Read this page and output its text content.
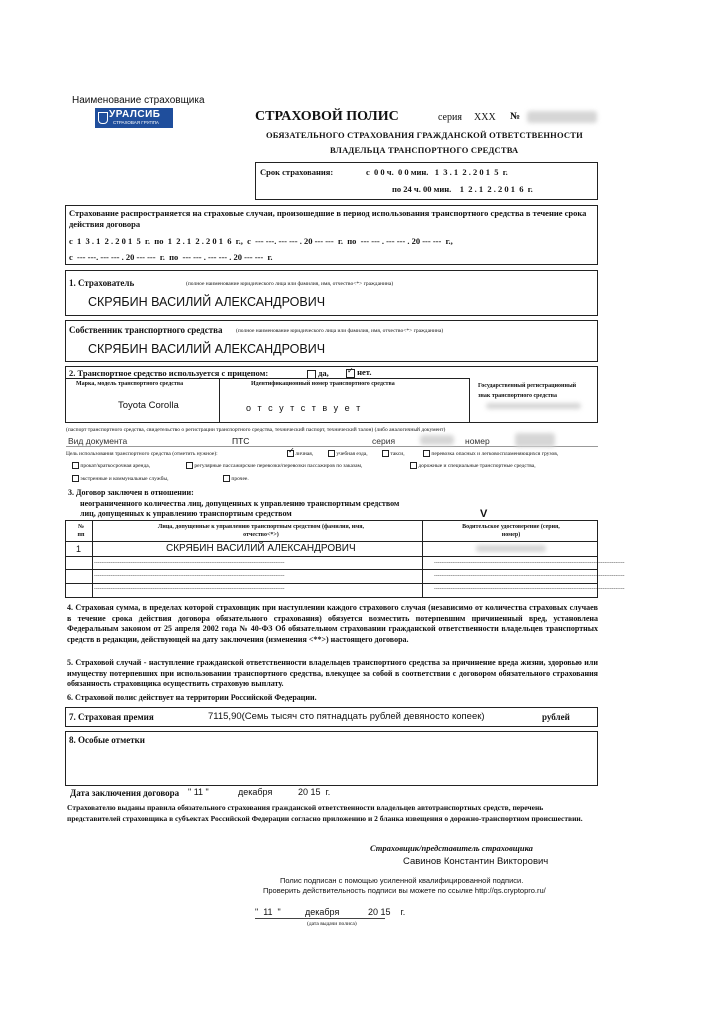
Наименование страховщика
УРАЛСИБ
СТРАХОВАЯ ГРУППА	СТРАХОВОЙ ПОЛИС	серия ХХХ №
ОБЯЗАТЕЛЬНОГО СТРАХОВАНИЯ ГРАЖДАНСКОЙ ОТВЕТСТВЕННОСТИ
ВЛАДЕЛЬЦА ТРАНСПОРТНОГО СРЕДСТВА
Срок страхования:	с  0 0 ч.  0 0 мин.   1  3 . 1  2 . 2 0 1  5  г.
по 24 ч. 00 мин.    1  2 . 1  2 . 2 0 1  6  г.
Страхование распространяется на страховые случаи, произошедшие в период использования транспортного средства в течение срока действия договора
с  1  3 . 1  2 . 2 0 1  5  г.  по  1  2 . 1  2 . 2 0 1  6  г.,  с  --- ---. --- --- . 20 --- ---  г.  по  --- --- . --- --- . 20 --- ---  г.,
с  --- ---. --- --- . 20 --- ---  г.  по  --- --- . --- --- . 20 --- ---  г.
1. Страхователь	(полное наименование юридического лица или фамилия, имя, отчество<*> гражданина)
СКРЯБИН ВАСИЛИЙ АЛЕКСАНДРОВИЧ
Собственник транспортного средства (полное наименование юридического лица или фамилия, имя, отчество<*> гражданина)
СКРЯБИН ВАСИЛИЙ АЛЕКСАНДРОВИЧ
2. Транспортное средство используется с прицепом:	да, ✓	нет.
Марка, модель транспортного средства	Идентификационный номер транспортного средства	Государственный регистрационный знак транспортного средства
Toyota Corolla	о т с у т с т в у е т
(паспорт транспортного средства, свидетельство о регистрации транспортного средства, технический паспорт, технический талон) (либо аналогичный документ)
Вид документа	ПТС	серия	номер
Цель использования транспортного средства (отметить нужное): ✓	личная,	учебная езда,	такси,	перевозка опасных и легковоспламеняющихся грузов,
прокат/краткосрочная аренда,	регулярные пассажирские перевозки/перевозки пассажиров по заказам,	дорожные и специальные транспортные средства,
экстренные и коммунальные службы,	прочее.
3. Договор заключен в отношении:
неограниченного количества лиц, допущенных к управлению транспортным средством
лиц, допущенных к управлению транспортным средством	V
№ пп
Лица, допущенные к управлению транспортным средством (фамилия, имя, отчество<*>)
Водительское удостоверение (серия, номер)
1	СКРЯБИН ВАСИЛИЙ АЛЕКСАНДРОВИЧ
--------------------------------------------------------------------------------------------------------	--------------------------------------------------------------------------------------------------------
--------------------------------------------------------------------------------------------------------	--------------------------------------------------------------------------------------------------------
--------------------------------------------------------------------------------------------------------	--------------------------------------------------------------------------------------------------------
4. Страховая сумма, в пределах которой страховщик при наступлении каждого страхового случая (независимо от количества страховых случаев в течение срока действия договора обязательного страхования) обязуется возместить потерпевшим причиненный вред, установлена Федеральным законом от 25 апреля 2002 года № 40-ФЗ Об обязательном страховании гражданской ответственности владельцев транспортных средств в редакции, действующей на дату заключения (изменения <**>) настоящего договора.
5. Страховой случай - наступление гражданской ответственности владельцев транспортного средства за причинение вреда жизни, здоровью или имуществу потерпевших при использовании транспортного средства, влекущее за собой в соответствии с договором обязательного страхования обязанность страховщика осуществить страховую выплату.
6. Страховой полис действует на территории Российской Федерации.
7. Страховая премия	7115,90(Семь тысяч сто пятнадцать рублей девяносто копеек)	рублей
8. Особые отметки
Дата заключения договора " 11 "	декабря	20 15  г.
Страхователю выданы правила обязательного страхования гражданской ответственности владельцев автотранспортных средств, перечень представителей страховщика в субъектах Российской Федерации согласно приложению и 2 бланка извещения о дорожно-транспортном происшествии.
Страховщик/представитель страховщика
Савинов Константин Викторович
Полис подписан с помощью усиленной квалифицированной подписи.
Проверить действительность подписи вы можете по ссылке http://qs.cryptopro.ru/
"  11  "	декабря	20 15    г.
(дата выдачи полиса)
